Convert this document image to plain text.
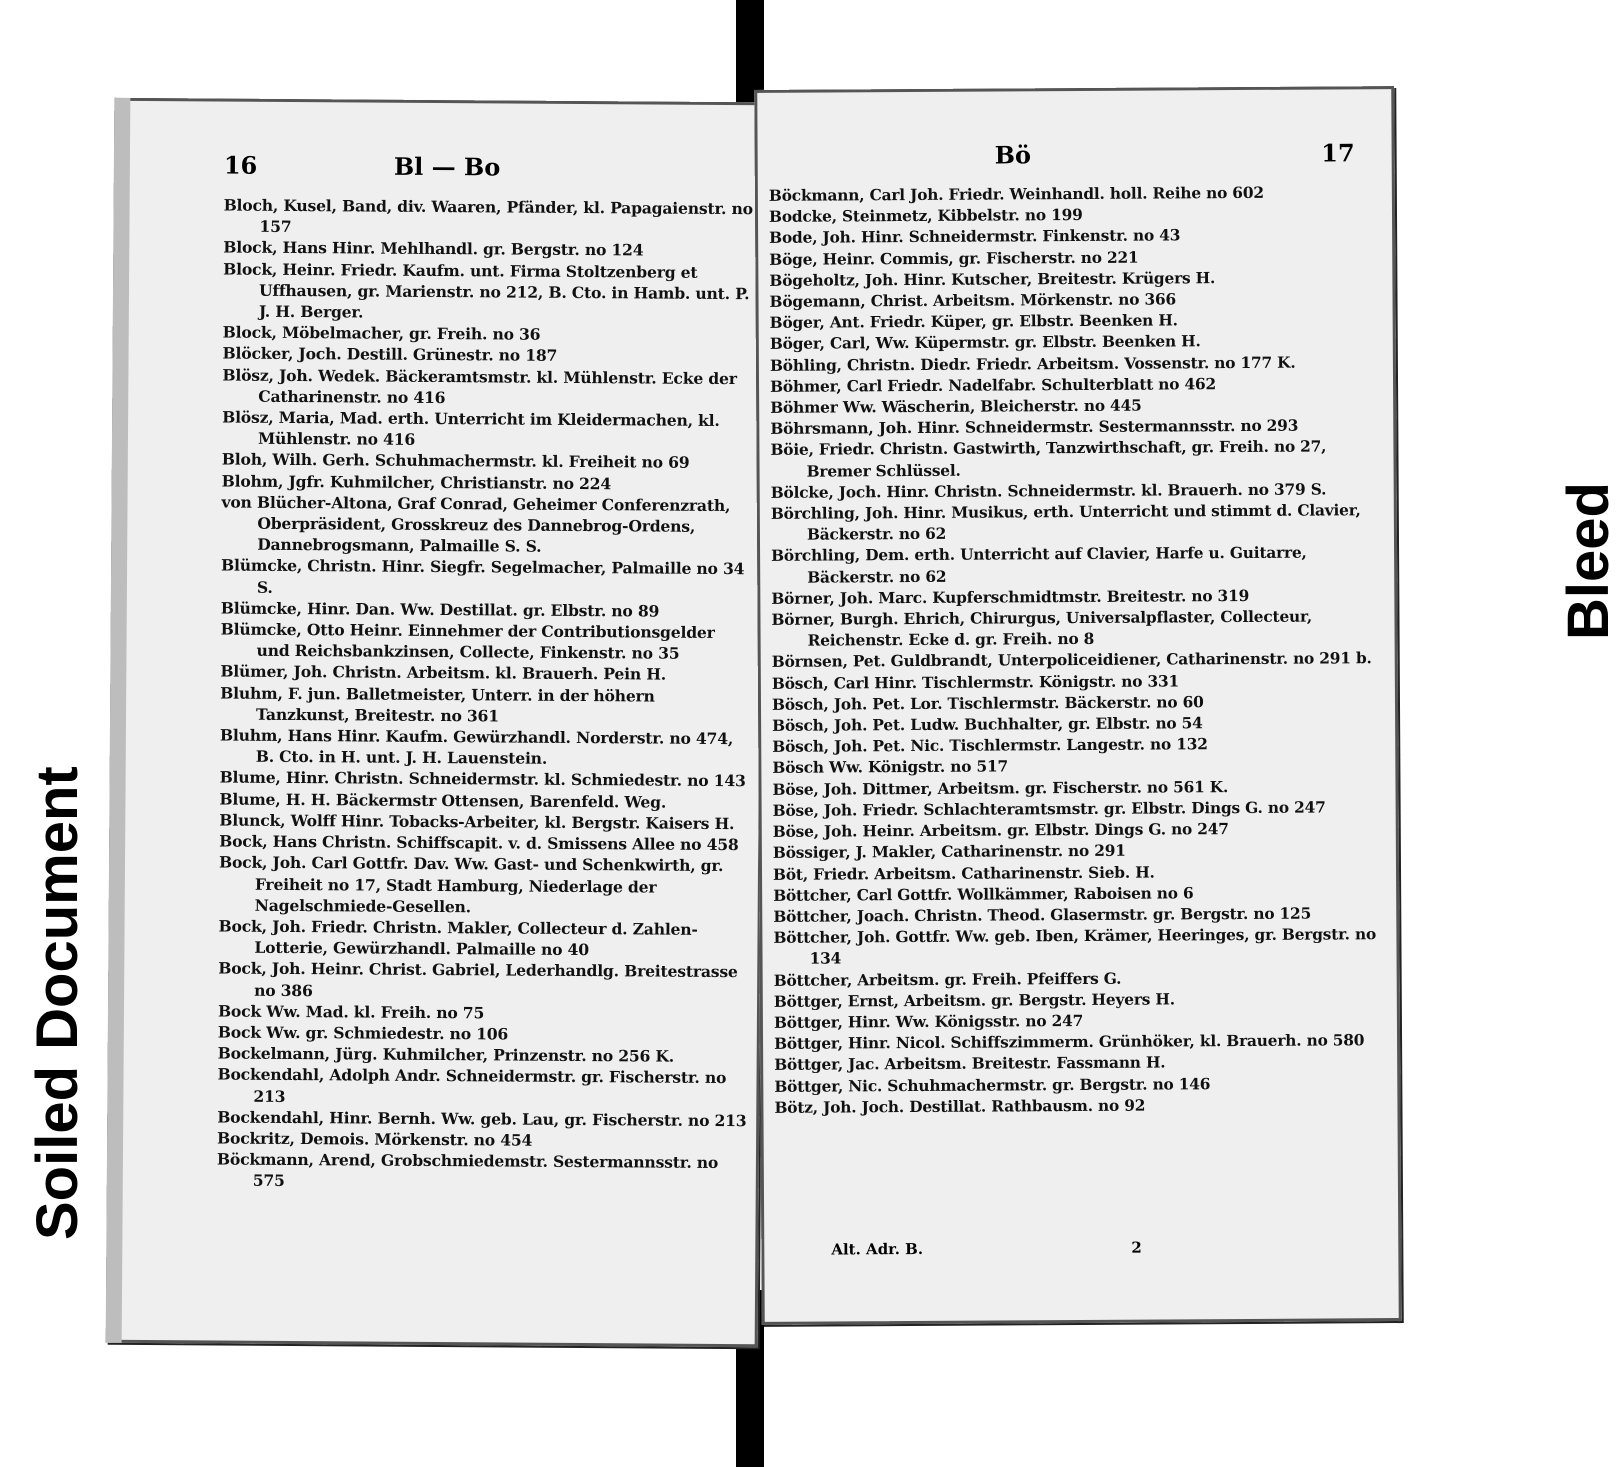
Bleed
Soiled Document
16	Bl — Bo
Bloch, Kusel, Band, div. Waaren, Pfänder, kl. Papagaienstr. no 157
Block, Hans Hinr. Mehlhandl. gr. Bergstr. no 124
Block, Heinr. Friedr. Kaufm. unt. Firma Stoltzenberg et Uffhausen, gr. Marienstr. no 212, B. Cto. in Hamb. unt. P. J. H. Berger.
Block, Möbelmacher, gr. Freih. no 36
Blöcker, Joch. Destill. Grünestr. no 187
Blösz, Joh. Wedek. Bäckeramtsmstr. kl. Mühlenstr. Ecke der Catharinenstr. no 416
Blösz, Maria, Mad. erth. Unterricht im Kleidermachen, kl. Mühlenstr. no 416
Bloh, Wilh. Gerh. Schuhmachermstr. kl. Freiheit no 69
Blohm, Jgfr. Kuhmilcher, Christianstr. no 224
von Blücher-Altona, Graf Conrad, Geheimer Conferenzrath, Oberpräsident, Grosskreuz des Dannebrog-Ordens, Dannebrogsmann, Palmaille S. S.
Blümcke, Christn. Hinr. Siegfr. Segelmacher, Palmaille no 34 S.
Blümcke, Hinr. Dan. Ww. Destillat. gr. Elbstr. no 89
Blümcke, Otto Heinr. Einnehmer der Contributionsgelder und Reichsbankzinsen, Collecte, Finkenstr. no 35
Blümer, Joh. Christn. Arbeitsm. kl. Brauerh. Pein H.
Bluhm, F. jun. Balletmeister, Unterr. in der höhern Tanzkunst, Breitestr. no 361
Bluhm, Hans Hinr. Kaufm. Gewürzhandl. Norderstr. no 474, B. Cto. in H. unt. J. H. Lauenstein.
Blume, Hinr. Christn. Schneidermstr. kl. Schmiedestr. no 143
Blume, H. H. Bäckermstr Ottensen, Barenfeld. Weg.
Blunck, Wolff Hinr. Tobacks-Arbeiter, kl. Bergstr. Kaisers H.
Bock, Hans Christn. Schiffscapit. v. d. Smissens Allee no 458
Bock, Joh. Carl Gottfr. Dav. Ww. Gast- und Schenkwirth, gr. Freiheit no 17, Stadt Hamburg, Niederlage der Nagelschmiede-Gesellen.
Bock, Joh. Friedr. Christn. Makler, Collecteur d. Zahlen-Lotterie, Gewürzhandl. Palmaille no 40
Bock, Joh. Heinr. Christ. Gabriel, Lederhandlg. Breitestrasse no 386
Bock Ww. Mad. kl. Freih. no 75
Bock Ww. gr. Schmiedestr. no 106
Bockelmann, Jürg. Kuhmilcher, Prinzenstr. no 256 K.
Bockendahl, Adolph Andr. Schneidermstr. gr. Fischerstr. no 213
Bockendahl, Hinr. Bernh. Ww. geb. Lau, gr. Fischerstr. no 213
Bockritz, Demois. Mörkenstr. no 454
Böckmann, Arend, Grobschmiedemstr. Sestermannsstr. no 575
Bö	17
Böckmann, Carl Joh. Friedr. Weinhandl. holl. Reihe no 602
Bodcke, Steinmetz, Kibbelstr. no 199
Bode, Joh. Hinr. Schneidermstr. Finkenstr. no 43
Böge, Heinr. Commis, gr. Fischerstr. no 221
Bögeholtz, Joh. Hinr. Kutscher, Breitestr. Krügers H.
Bögemann, Christ. Arbeitsm. Mörkenstr. no 366
Böger, Ant. Friedr. Küper, gr. Elbstr. Beenken H.
Böger, Carl, Ww. Küpermstr. gr. Elbstr. Beenken H.
Böhling, Christn. Diedr. Friedr. Arbeitsm. Vossenstr. no 177 K.
Böhmer, Carl Friedr. Nadelfabr. Schulterblatt no 462
Böhmer Ww. Wäscherin, Bleicherstr. no 445
Böhrsmann, Joh. Hinr. Schneidermstr. Sestermannsstr. no 293
Böie, Friedr. Christn. Gastwirth, Tanzwirthschaft, gr. Freih. no 27, Bremer Schlüssel.
Bölcke, Joch. Hinr. Christn. Schneidermstr. kl. Brauerh. no 379 S.
Börchling, Joh. Hinr. Musikus, erth. Unterricht und stimmt d. Clavier, Bäckerstr. no 62
Börchling, Dem. erth. Unterricht auf Clavier, Harfe u. Guitarre, Bäckerstr. no 62
Börner, Joh. Marc. Kupferschmidtmstr. Breitestr. no 319
Börner, Burgh. Ehrich, Chirurgus, Universalpflaster, Collecteur, Reichenstr. Ecke d. gr. Freih. no 8
Börnsen, Pet. Guldbrandt, Unterpoliceidiener, Catharinenstr. no 291 b.
Bösch, Carl Hinr. Tischlermstr. Königstr. no 331
Bösch, Joh. Pet. Lor. Tischlermstr. Bäckerstr. no 60
Bösch, Joh. Pet. Ludw. Buchhalter, gr. Elbstr. no 54
Bösch, Joh. Pet. Nic. Tischlermstr. Langestr. no 132
Bösch Ww. Königstr. no 517
Böse, Joh. Dittmer, Arbeitsm. gr. Fischerstr. no 561 K.
Böse, Joh. Friedr. Schlachteramtsmstr. gr. Elbstr. Dings G. no 247
Böse, Joh. Heinr. Arbeitsm. gr. Elbstr. Dings G. no 247
Bössiger, J. Makler, Catharinenstr. no 291
Böt, Friedr. Arbeitsm. Catharinenstr. Sieb. H.
Böttcher, Carl Gottfr. Wollkämmer, Raboisen no 6
Böttcher, Joach. Christn. Theod. Glasermstr. gr. Bergstr. no 125
Böttcher, Joh. Gottfr. Ww. geb. Iben, Krämer, Heeringes, gr. Bergstr. no 134
Böttcher, Arbeitsm. gr. Freih. Pfeiffers G.
Böttger, Ernst, Arbeitsm. gr. Bergstr. Heyers H.
Böttger, Hinr. Ww. Königsstr. no 247
Böttger, Hinr. Nicol. Schiffszimmerm. Grünhöker, kl. Brauerh. no 580
Böttger, Jac. Arbeitsm. Breitestr. Fassmann H.
Böttger, Nic. Schuhmachermstr. gr. Bergstr. no 146
Bötz, Joh. Joch. Destillat. Rathbausm. no 92
Alt. Adr. B.	2
